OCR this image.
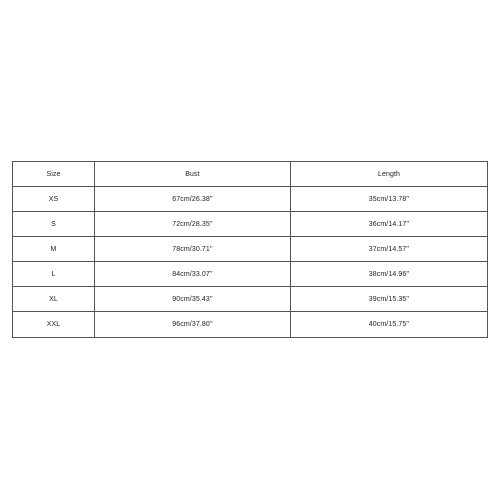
Size	Bust	Length
XS	67cm/26.38''	35cm/13.78''
S	72cm/28.35''	36cm/14.17''
M	78cm/30.71''	37cm/14.57''
L	84cm/33.07''	38cm/14.96''
XL	90cm/35.43''	39cm/15.35''
XXL	96cm/37.80''	40cm/15.75''
